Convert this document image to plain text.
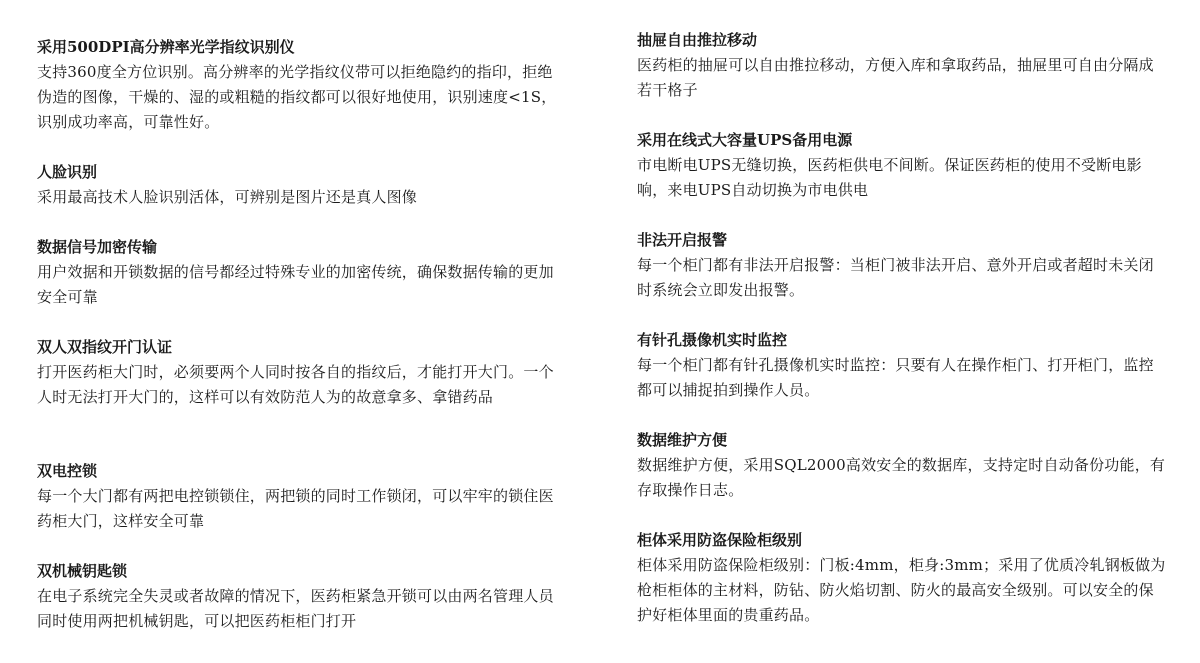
采用500DPI高分辨率光学指纹识别仪

支持360度全方位识别。高分辨率的光学指纹仪带可以拒绝隐约的指印，拒绝伪造的图像，干燥的、湿的或粗糙的指纹都可以很好地使用，识别速度<1S，识别成功率高，可靠性好。

人脸识别

采用最高技术人脸识别活体，可辨别是图片还是真人图像

数据信号加密传输

用户效据和开锁数据的信号都经过特殊专业的加密传统，确保数据传输的更加安全可靠

双人双指纹开门认证

打开医药柜大门时，必须要两个人同时按各自的指纹后，才能打开大门。一个人时无法打开大门的，这样可以有效防范人为的故意拿多、拿错药品

双电控锁

每一个大门都有两把电控锁锁住，两把锁的同时工作锁闭，可以牢牢的锁住医药柜大门，这样安全可靠

双机械钥匙锁

在电子系统完全失灵或者故障的情况下，医药柜紧急开锁可以由两名管理人员同时使用两把机械钥匙，可以把医药柜柜门打开

抽屉自由推拉移动

医药柜的抽屉可以自由推拉移动，方便入库和拿取药品，抽屉里可自由分隔成若干格子

采用在线式大容量UPS备用电源

市电断电UPS无缝切换，医药柜供电不间断。保证医药柜的使用不受断电影响，来电UPS自动切换为市电供电

非法开启报警

每一个柜门都有非法开启报警：当柜门被非法开启、意外开启或者超时未关闭时系统会立即发出报警。

有针孔摄像机实时监控

每一个柜门都有针孔摄像机实时监控：只要有人在操作柜门、打开柜门，监控都可以捕捉拍到操作人员。

数据维护方便

数据维护方便，采用SQL2000高效安全的数据库，支持定时自动备份功能，有存取操作日志。

柜体采用防盗保险柜级别

柜体采用防盗保险柜级别：门板:4mm，柜身:3mm；采用了优质冷轧钢板做为枪柜柜体的主材料，防钻、防火焰切割、防火的最高安全级别。可以安全的保护好柜体里面的贵重药品。
